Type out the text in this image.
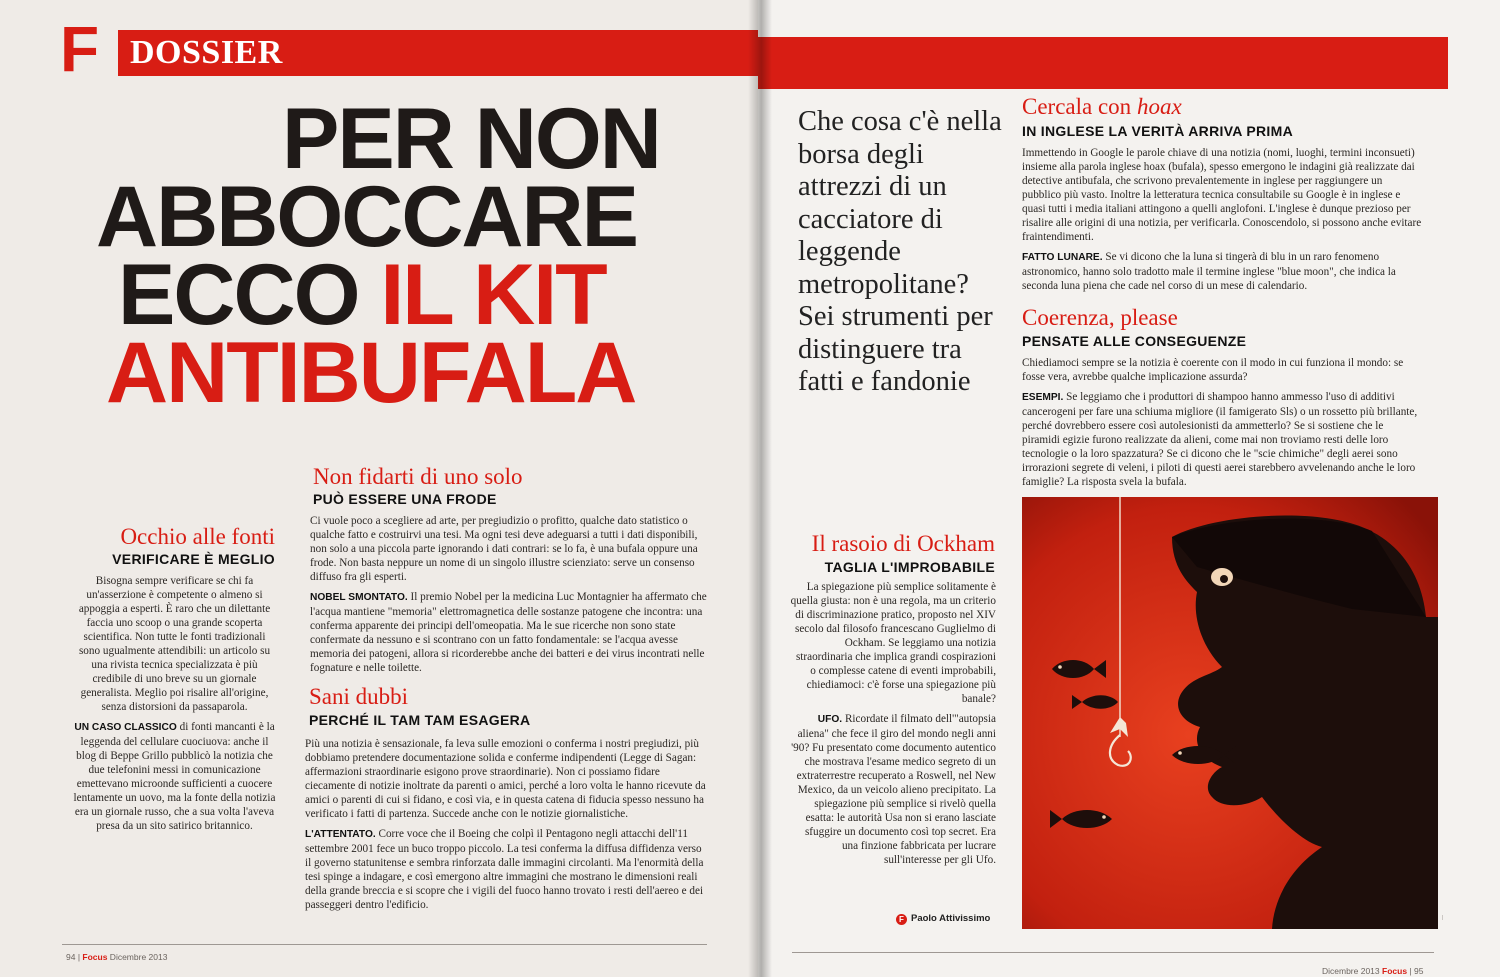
F DOSSIER
PER NON
ABBOCCARE
ECCO IL KIT
ANTIBUFALA
Occhio alle fonti
VERIFICARE È MEGLIO

Bisogna sempre verificare se chi fa un'asserzione è competente o almeno si appoggia a esperti. È raro che un dilettante faccia uno scoop o una grande scoperta scientifica. Non tutte le fonti tradizionali sono ugualmente attendibili: un articolo su una rivista tecnica specializzata è più credibile di uno breve su un giornale generalista. Meglio poi risalire all'origine, senza distorsioni da passaparola.

UN CASO CLASSICO di fonti mancanti è la leggenda del cellulare cuociuova: anche il blog di Beppe Grillo pubblicò la notizia che due telefonini messi in comunicazione emettevano microonde sufficienti a cuocere lentamente un uovo, ma la fonte della notizia era un giornale russo, che a sua volta l'aveva presa da un sito satirico britannico.

Non fidarti di uno solo
PUÒ ESSERE UNA FRODE

Ci vuole poco a scegliere ad arte, per pregiudizio o profitto, qualche dato statistico o qualche fatto e costruirvi una tesi. Ma ogni tesi deve adeguarsi a tutti i dati disponibili, non solo a una piccola parte ignorando i dati contrari: se lo fa, è una bufala oppure una frode. Non basta neppure un nome di un singolo illustre scienziato: serve un consenso diffuso fra gli esperti.

NOBEL SMONTATO. Il premio Nobel per la medicina Luc Montagnier ha affermato che l'acqua mantiene "memoria" elettromagnetica delle sostanze patogene che incontra: una conferma apparente dei principi dell'omeopatia. Ma le sue ricerche non sono state confermate da nessuno e si scontrano con un fatto fondamentale: se l'acqua avesse memoria dei patogeni, allora si ricorderebbe anche dei batteri e dei virus incontrati nelle fognature e nelle toilette.

Sani dubbi
PERCHÉ IL TAM TAM ESAGERA

Più una notizia è sensazionale, fa leva sulle emozioni o conferma i nostri pregiudizi, più dobbiamo pretendere documentazione solida e conferme indipendenti (Legge di Sagan: affermazioni straordinarie esigono prove straordinarie). Non ci possiamo fidare ciecamente di notizie inoltrate da parenti o amici, perché a loro volta le hanno ricevute da amici o parenti di cui si fidano, e così via, e in questa catena di fiducia spesso nessuno ha verificato i fatti di partenza. Succede anche con le notizie giornalistiche.

L'ATTENTATO. Corre voce che il Boeing che colpì il Pentagono negli attacchi dell'11 settembre 2001 fece un buco troppo piccolo. La tesi conferma la diffusa diffidenza verso il governo statunitense e sembra rinforzata dalle immagini circolanti. Ma l'enormità della tesi spinge a indagare, e così emergono altre immagini che mostrano le dimensioni reali della grande breccia e si scopre che i vigili del fuoco hanno trovato i resti dell'aereo e dei passeggeri dentro l'edificio.

94 | Focus Dicembre 2013
Che cosa c'è nella borsa degli attrezzi di un cacciatore di leggende metropolitane? Sei strumenti per distinguere tra fatti e fandonie
Cercala con hoax
IN INGLESE LA VERITÀ ARRIVA PRIMA

Immettendo in Google le parole chiave di una notizia (nomi, luoghi, termini inconsueti) insieme alla parola inglese hoax (bufala), spesso emergono le indagini già realizzate dai detective antibufala, che scrivono prevalentemente in inglese per raggiungere un pubblico più vasto. Inoltre la letteratura tecnica consultabile su Google è in inglese e quasi tutti i media italiani attingono a quelli anglofoni. L'inglese è dunque prezioso per risalire alle origini di una notizia, per verificarla. Conoscendolo, si possono anche evitare fraintendimenti.

FATTO LUNARE. Se vi dicono che la luna si tingerà di blu in un raro fenomeno astronomico, hanno solo tradotto male il termine inglese "blue moon", che indica la seconda luna piena che cade nel corso di un mese di calendario.

Coerenza, please
PENSATE ALLE CONSEGUENZE

Chiediamoci sempre se la notizia è coerente con il modo in cui funziona il mondo: se fosse vera, avrebbe qualche implicazione assurda?

ESEMPI. Se leggiamo che i produttori di shampoo hanno ammesso l'uso di additivi cancerogeni per fare una schiuma migliore (il famigerato Sls) o un rossetto più brillante, perché dovrebbero essere così autolesionisti da ammetterlo? Se si sostiene che le piramidi egizie furono realizzate da alieni, come mai non troviamo resti delle loro tecnologie o la loro spazzatura? Se ci dicono che le "scie chimiche" degli aerei sono irrorazioni segrete di veleni, i piloti di questi aerei starebbero avvelenando anche le loro famiglie? La risposta svela la bufala.

Il rasoio di Ockham
TAGLIA L'IMPROBABILE

La spiegazione più semplice solitamente è quella giusta: non è una regola, ma un criterio di discriminazione pratico, proposto nel XIV secolo dal filosofo francescano Guglielmo di Ockham. Se leggiamo una notizia straordinaria che implica grandi cospirazioni o complesse catene di eventi improbabili, chiediamoci: c'è forse una spiegazione più banale?

UFO. Ricordate il filmato dell'"autopsia aliena" che fece il giro del mondo negli anni '90? Fu presentato come documento autentico che mostrava l'esame medico segreto di un extraterrestre recuperato a Roswell, nel New Mexico, da un veicolo alieno precipitato. La spiegazione più semplice si rivelò quella esatta: le autorità Usa non si erano lasciate sfuggire un documento così top secret. Era una finzione fabbricata per lucrare sull'interesse per gli Ufo.

F Paolo Attivissimo	—
Dicembre 2013 Focus | 95
